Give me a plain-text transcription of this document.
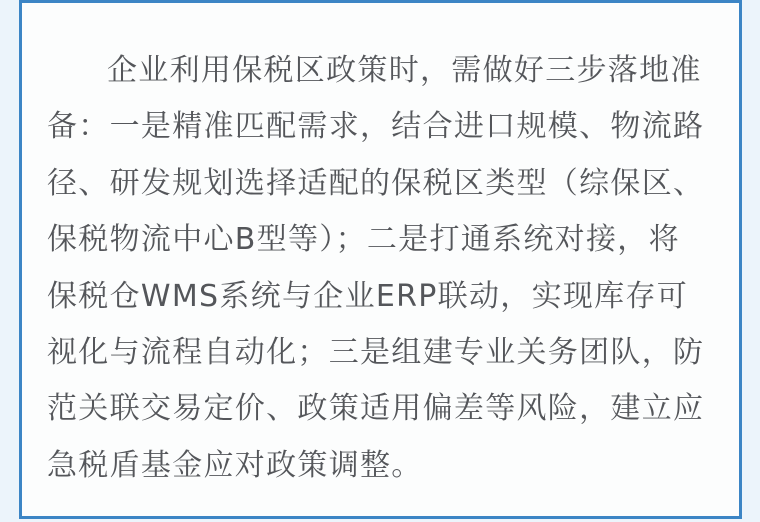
企业利用保税区政策时，需做好三步落地准
备：一是精准匹配需求，结合进口规模、物流路
径、研发规划选择适配的保税区类型（综保区、
保税物流中心B型等）；二是打通系统对接，将
保税仓WMS系统与企业ERP联动，实现库存可
视化与流程自动化；三是组建专业关务团队，防
范关联交易定价、政策适用偏差等风险，建立应
急税盾基金应对政策调整。
